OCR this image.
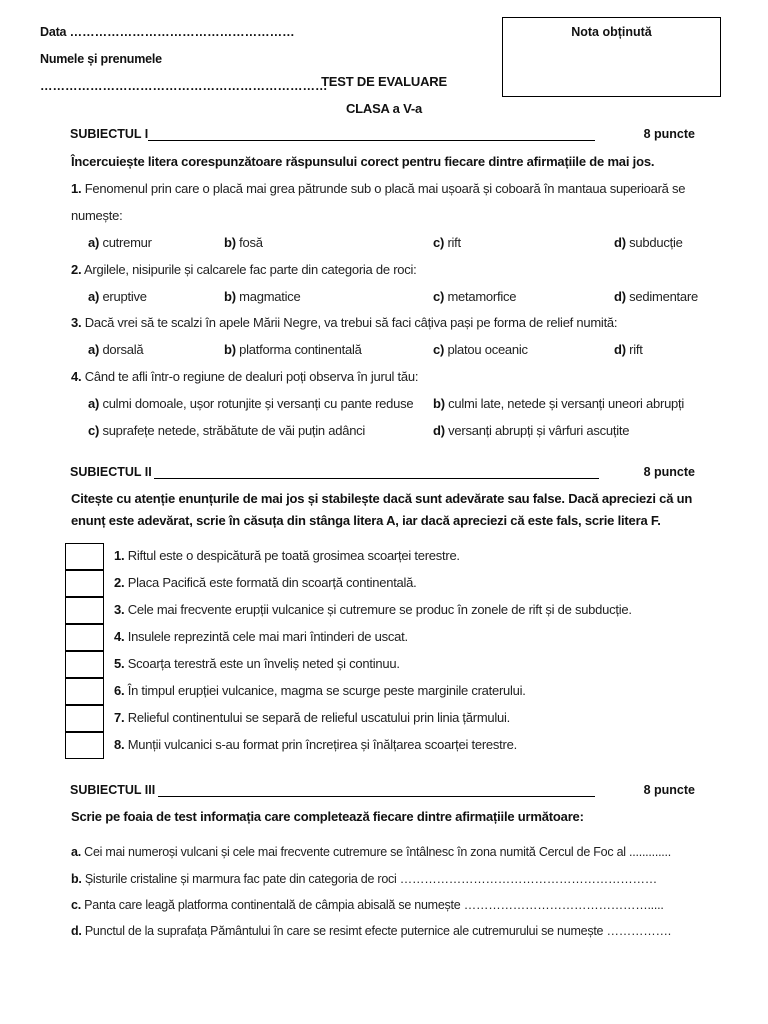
Data ………………………………………………
Numele și prenumele
……………………………………………………………
TEST DE EVALUARE
CLASA a V-a
Nota obținută
SUBIECTUL I	8 puncte
Încercuiește litera corespunzătoare răspunsului corect pentru fiecare dintre afirmațiile de mai jos.
1. Fenomenul prin care o placă mai grea pătrunde sub o placă mai ușoară și coboară în mantaua superioară se
numește:
a) cutremur	b) fosă	c) rift	d) subducție
2. Argilele, nisipurile și calcarele fac parte din categoria de roci:
a) eruptive	b) magmatice	c) metamorfice	d) sedimentare
3. Dacă vrei să te scalzi în apele Mării Negre, va trebui să faci câțiva pași pe forma de relief numită:
a) dorsală	b) platforma continentală	c) platou oceanic	d) rift
4. Când te afli într-o regiune de dealuri poți observa în jurul tău:
a) culmi domoale, ușor rotunjite și versanți cu pante reduse b) culmi late, netede și versanți uneori abrupți
c) suprafețe netede, străbătute de văi puțin adânci	d) versanți abrupți și vârfuri ascuțite
SUBIECTUL II	8 puncte
Citește cu atenție enunțurile de mai jos și stabilește dacă sunt adevărate sau false. Dacă apreciezi că un
enunț este adevărat, scrie în căsuța din stânga litera A, iar dacă apreciezi că este fals, scrie litera F.
1. Riftul este o despicătură pe toată grosimea scoarței terestre.
2. Placa Pacifică este formată din scoarță continentală.
3. Cele mai frecvente erupții vulcanice și cutremure se produc în zonele de rift și de subducție.
4. Insulele reprezintă cele mai mari întinderi de uscat.
5. Scoarța terestră este un înveliș neted și continuu.
6. În timpul erupției vulcanice, magma se scurge peste marginile craterului.
7. Relieful continentului se separă de relieful uscatului prin linia țărmului.
8. Munții vulcanici s-au format prin încrețirea și înălțarea scoarței terestre.
SUBIECTUL III	8 puncte
Scrie pe foaia de test informația care completează fiecare dintre afirmațiile următoare:
a. Cei mai numeroși vulcani și cele mai frecvente cutremure se întâlnesc în zona numită Cercul de Foc al .............
b. Șisturile cristaline și marmura fac pate din categoria de roci ………………………………………………………
c. Panta care leagă platforma continentală de câmpia abisală se numește ……………………………………….....
d. Punctul de la suprafața Pământului în care se resimt efecte puternice ale cutremurului se numește …………….
